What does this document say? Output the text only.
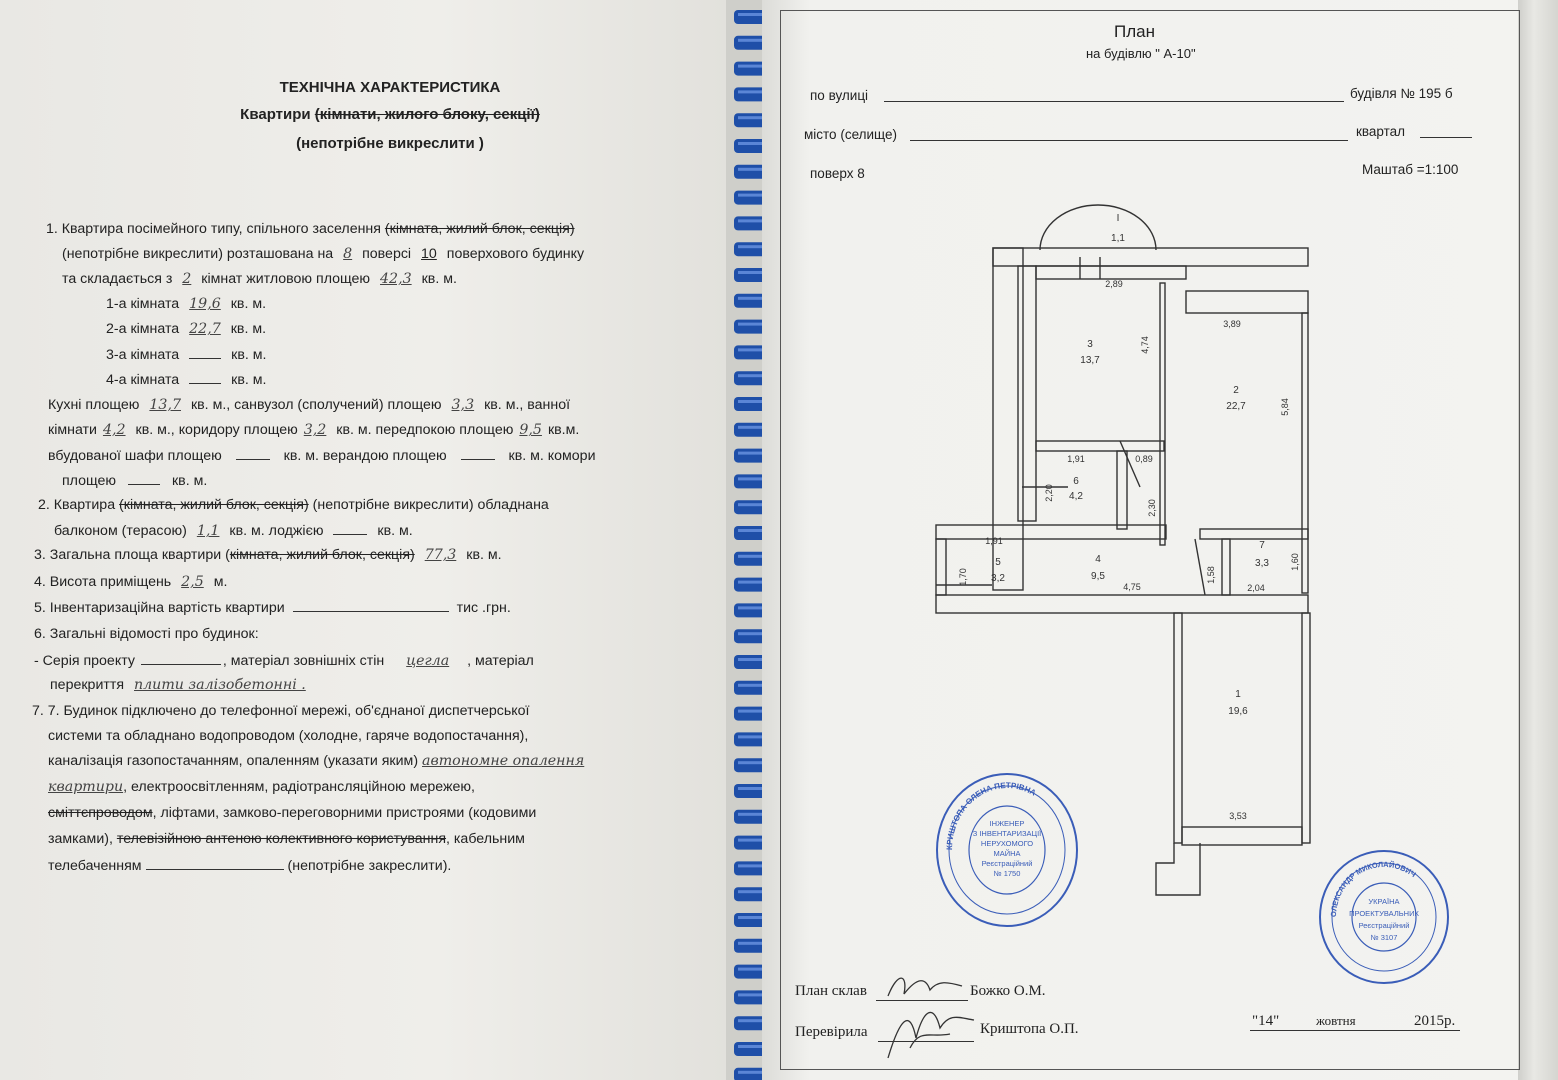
ТЕХНІЧНА ХАРАКТЕРИСТИКА
Квартири (кімнати, жилого блоку, секції)
(непотрібне викреслити )
1. Квартира посімейного типу, спільного заселення (кімната, жилий блок, секція)
(непотрібне викреслити) розташована на 8 поверсі 10 поверхового будинку
та складається з 2 кімнат житловою площею 42,3 кв. м.
1-а кімната 19,6 кв. м.
2-а кімната 22,7 кв. м.
3-а кімната	кв. м.
4-а кімната	кв. м.
Кухні площею 13,7 кв. м., санвузол (сполучений) площею 3,3 кв. м., ванної
кімнати 4,2 кв. м., коридору площею 3,2 кв. м. передпокою площею 9,5 кв.м.
вбудованої шафи площею	кв. м. верандою площею	кв. м. комори
площею	кв. м.
2. Квартира (кімната, жилий блок, секція) (непотрібне викреслити) обладнана
балконом (терасою) 1,1 кв. м. лоджією	кв. м.
3. Загальна площа квартири (кімната, жилий блок, секція) 77,3 кв. м.
4. Висота приміщень 2,5 м.
5. Інвентаризаційна вартість квартири	тис .грн.
6. Загальні відомості про будинок:
- Серія проекту	, матеріал зовнішніх стін цегла , матеріал
перекриття плити залізобетонні .
7. 7. Будинок підключено до телефонної мережі, об'єднаної диспетчерської
системи та обладнано водопроводом (холодне, гаряче водопостачання),
каналізація газопостачанням, опаленням (указати яким) автономне опалення
квартири, електроосвітленням, радіотрансляційною мережею,
сміттєпроводом, ліфтами, замково-переговорними пристроями (кодовими
замками), телевізійною антеною колективного користування, кабельним
телебаченням	(непотрібне закреслити).
План
на будівлю " А-10"
по вулиці	будівля № 195 б
місто (селище)	квартал
поверх 8	Маштаб =1:100
I
1,1
3
13,7
2
22,7
6
4,2
5
3,2
4
9,5
7
3,3
1
19,6
2,89
3,89
4,74
5,84
1,91	0,89
2,20
2,30
1,91
1,70
4,75
1,58
2,04
1,60
3,53
КРИШТОПА ОЛЕНА ПЕТРІВНА
ІНЖЕНЕР
З ІНВЕНТАРИЗАЦІЇ
НЕРУХОМОГО
МАЙНА
Реєстраційний
№ 1750
ОЛЕКСАНДР МИКОЛАЙОВИЧ
УКРАЇНА
ПРОЕКТУВАЛЬНИК
Реєстраційний
№ 3107
План склав	Божко О.М.
Перевірила	Криштопа О.П.	"14"	жовтня	2015р.
